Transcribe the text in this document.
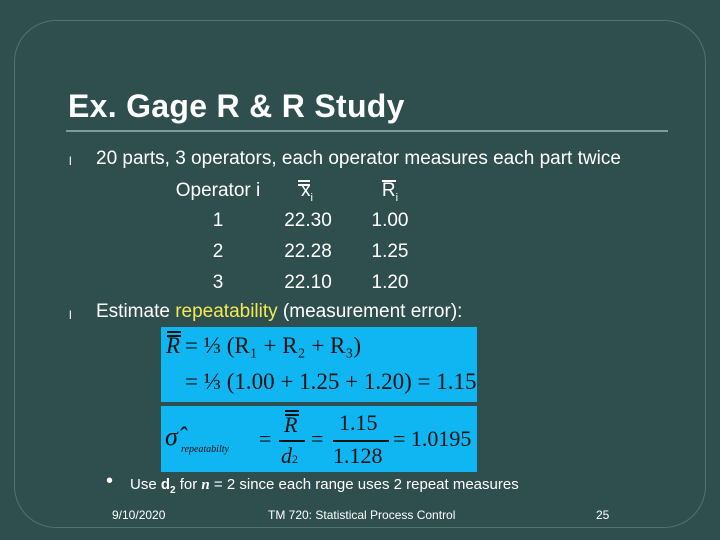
Ex. Gage R & R Study
l 20 parts, 3 operators, each operator measures each part twice
Operator i	$x_i$	$R_i$
1	22.30	1.00
2	22.28	1.25
3	22.10	1.20
l Estimate repeatability (measurement error):
R = ⅓ (R₁ + R₂ + R₃)
= ⅓ (1.00 + 1.25 + 1.20) = 1.15
σ̂ repeatabilty =
R
d2
=
1.15
1.128
= 1.0195
• Use $d_2$ for n = 2 since each range uses 2 repeat measures
9/10/2020	TM 720: Statistical Process Control	25
